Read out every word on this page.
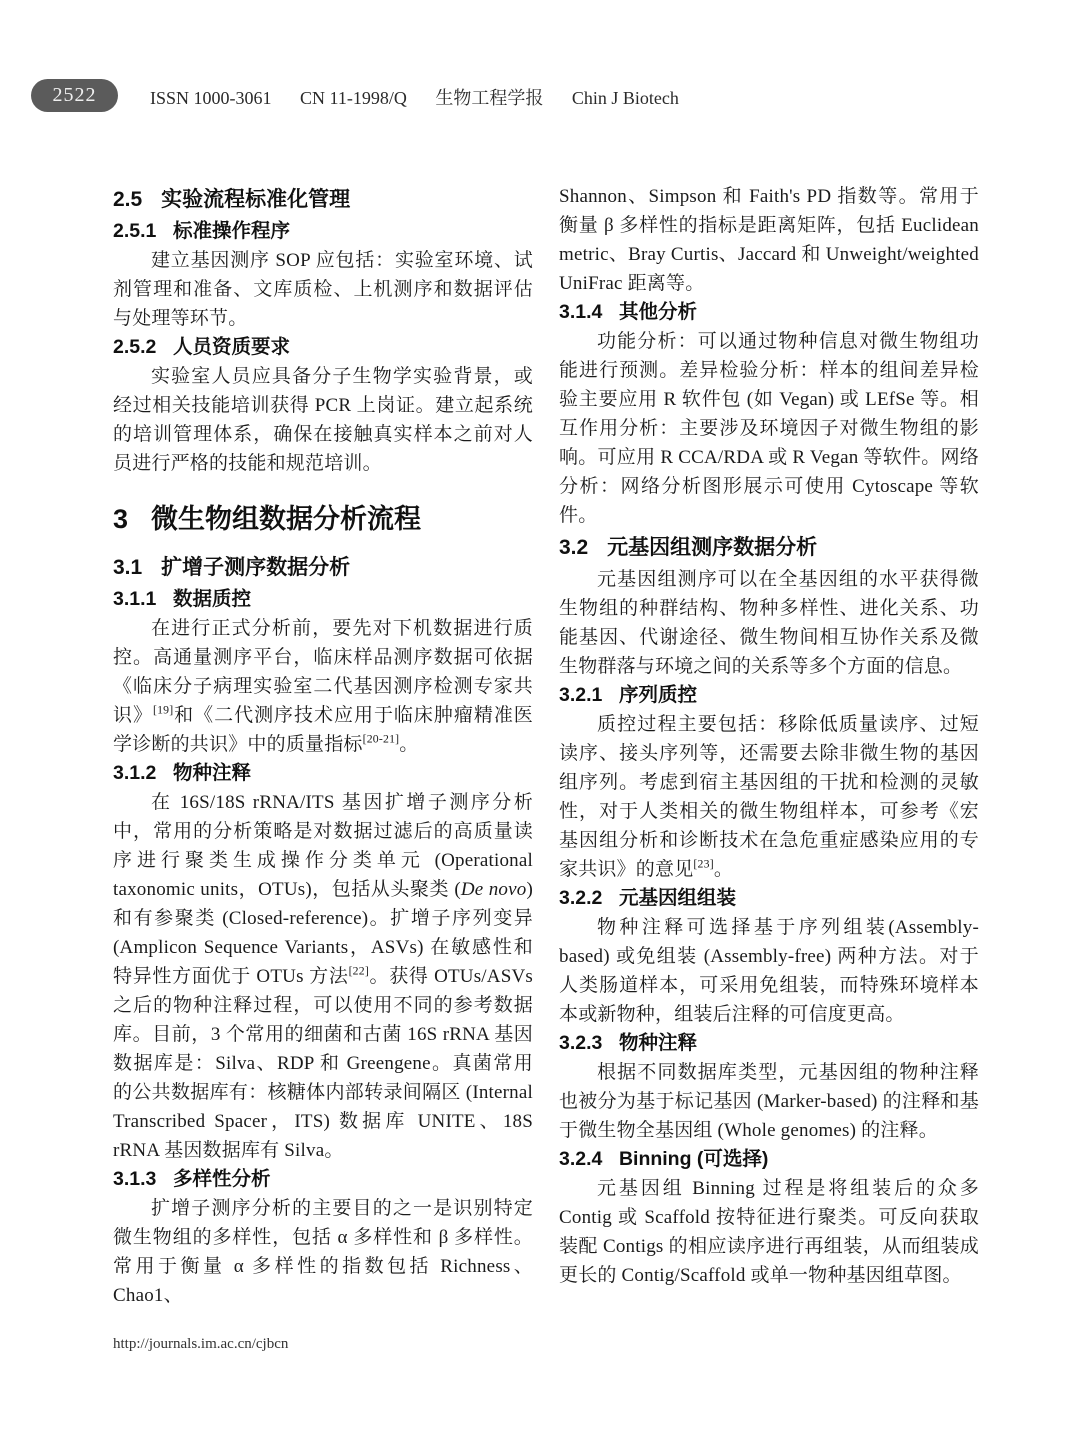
2522	ISSN 1000-3061 CN 11-1998/Q 生物工程学报 Chin J Biotech
2.5 实验流程标准化管理
2.5.1 标准操作程序

建立基因测序 SOP 应包括：实验室环境、试剂管理和准备、文库质检、上机测序和数据评估与处理等环节。

2.5.2 人员资质要求

实验室人员应具备分子生物学实验背景，或经过相关技能培训获得 PCR 上岗证。建立起系统的培训管理体系，确保在接触真实样本之前对人员进行严格的技能和规范培训。

3 微生物组数据分析流程
3.1 扩增子测序数据分析
3.1.1 数据质控

在进行正式分析前，要先对下机数据进行质控。高通量测序平台，临床样品测序数据可依据《临床分子病理实验室二代基因测序检测专家共识》[19]和《二代测序技术应用于临床肿瘤精准医学诊断的共识》中的质量指标[20-21]。

3.1.2 物种注释

在 16S/18S rRNA/ITS 基因扩增子测序分析中，常用的分析策略是对数据过滤后的高质量读序进行聚类生成操作分类单元 (Operational taxonomic units，OTUs)，包括从头聚类 (De novo) 和有参聚类 (Closed-reference)。扩增子序列变异 (Amplicon Sequence Variants，ASVs) 在敏感性和特异性方面优于 OTUs 方法[22]。获得 OTUs/ASVs 之后的物种注释过程，可以使用不同的参考数据库。目前，3 个常用的细菌和古菌 16S rRNA 基因数据库是：Silva、RDP 和 Greengene。真菌常用的公共数据库有：核糖体内部转录间隔区 (Internal Transcribed Spacer，ITS) 数据库 UNITE、18S rRNA 基因数据库有 Silva。

3.1.3 多样性分析

扩增子测序分析的主要目的之一是识别特定微生物组的多样性，包括 α 多样性和 β 多样性。常用于衡量 α 多样性的指数包括 Richness、Chao1、

Shannon、Simpson 和 Faith's PD 指数等。常用于衡量 β 多样性的指标是距离矩阵，包括 Euclidean metric、Bray Curtis、Jaccard 和 Unweight/weighted UniFrac 距离等。

3.1.4 其他分析

功能分析：可以通过物种信息对微生物组功能进行预测。差异检验分析：样本的组间差异检验主要应用 R 软件包 (如 Vegan) 或 LEfSe 等。相互作用分析：主要涉及环境因子对微生物组的影响。可应用 R CCA/RDA 或 R Vegan 等软件。网络分析：网络分析图形展示可使用 Cytoscape 等软件。

3.2 元基因组测序数据分析

元基因组测序可以在全基因组的水平获得微生物组的种群结构、物种多样性、进化关系、功能基因、代谢途径、微生物间相互协作关系及微生物群落与环境之间的关系等多个方面的信息。

3.2.1 序列质控

质控过程主要包括：移除低质量读序、过短读序、接头序列等，还需要去除非微生物的基因组序列。考虑到宿主基因组的干扰和检测的灵敏性，对于人类相关的微生物组样本，可参考《宏基因组分析和诊断技术在急危重症感染应用的专家共识》的意见[23]。

3.2.2 元基因组组装

物种注释可选择基于序列组装(Assembly-based) 或免组装 (Assembly-free) 两种方法。对于人类肠道样本，可采用免组装，而特殊环境样本本或新物种，组装后注释的可信度更高。

3.2.3 物种注释

根据不同数据库类型，元基因组的物种注释也被分为基于标记基因 (Marker-based) 的注释和基于微生物全基因组 (Whole genomes) 的注释。

3.2.4 Binning (可选择)

元基因组 Binning 过程是将组装后的众多 Contig 或 Scaffold 按特征进行聚类。可反向获取装配 Contigs 的相应读序进行再组装，从而组装成更长的 Contig/Scaffold 或单一物种基因组草图。

http://journals.im.ac.cn/cjbcn
